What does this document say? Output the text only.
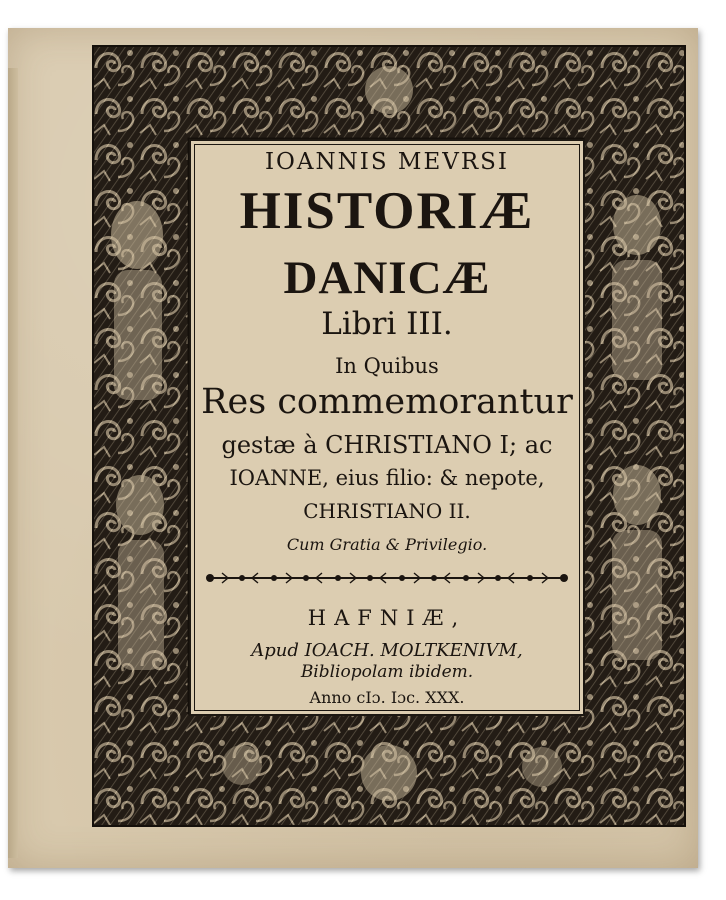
IOANNIS MEVRSI
HISTORIÆ
DANICÆ
Libri III.
In Quibus
Res commemorantur
gestæ à CHRISTIANO I; ac
IOANNE, eius filio: & nepote,
CHRISTIANO II.
Cum Gratia & Privilegio.
HAFNIÆ,
Apud IOACH. MOLTKENIVM,
Bibliopolam ibidem.
Anno cIɔ. Iɔc. XXX.
